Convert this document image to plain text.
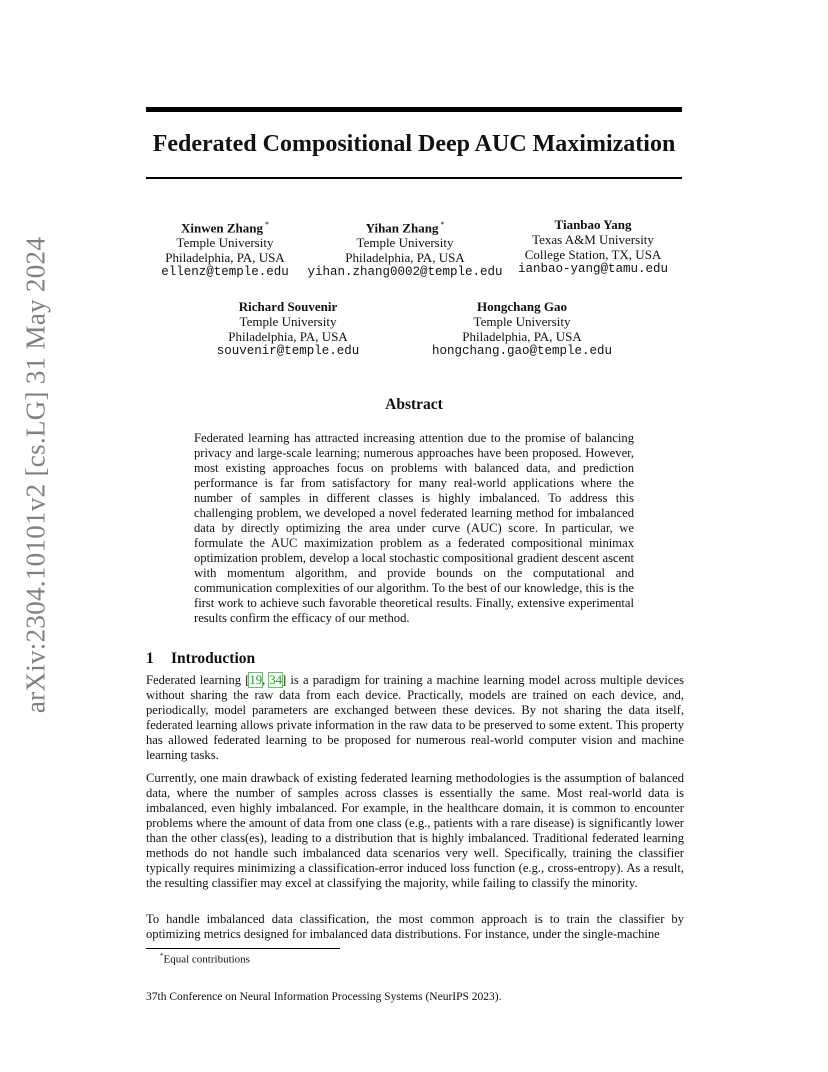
arXiv:2304.10101v2 [cs.LG] 31 May 2024
Federated Compositional Deep AUC Maximization
Xinwen Zhang *
Temple University
Philadelphia, PA, USA
ellenz@temple.edu
Yihan Zhang *
Temple University
Philadelphia, PA, USA
yihan.zhang0002@temple.edu
Tianbao Yang
Texas A&M University
College Station, TX, USA
ianbao-yang@tamu.edu
Richard Souvenir
Temple University
Philadelphia, PA, USA
souvenir@temple.edu
Hongchang Gao
Temple University
Philadelphia, PA, USA
hongchang.gao@temple.edu
Abstract
Federated learning has attracted increasing attention due to the promise of balancing privacy and large-scale learning; numerous approaches have been proposed. However, most existing approaches focus on problems with balanced data, and prediction performance is far from satisfactory for many real-world applications where the number of samples in different classes is highly imbalanced. To address this challenging problem, we developed a novel federated learning method for imbalanced data by directly optimizing the area under curve (AUC) score. In particular, we formulate the AUC maximization problem as a federated compositional minimax optimization problem, develop a local stochastic compositional gradient descent ascent with momentum algorithm, and provide bounds on the computational and communication complexities of our algorithm. To the best of our knowledge, this is the first work to achieve such favorable theoretical results. Finally, extensive experimental results confirm the efficacy of our method.
1 Introduction

Federated learning [19, 34] is a paradigm for training a machine learning model across multiple devices without sharing the raw data from each device. Practically, models are trained on each device, and, periodically, model parameters are exchanged between these devices. By not sharing the data itself, federated learning allows private information in the raw data to be preserved to some extent. This property has allowed federated learning to be proposed for numerous real-world computer vision and machine learning tasks.

Currently, one main drawback of existing federated learning methodologies is the assumption of balanced data, where the number of samples across classes is essentially the same. Most real-world data is imbalanced, even highly imbalanced. For example, in the healthcare domain, it is common to encounter problems where the amount of data from one class (e.g., patients with a rare disease) is significantly lower than the other class(es), leading to a distribution that is highly imbalanced. Traditional federated learning methods do not handle such imbalanced data scenarios very well. Specifically, training the classifier typically requires minimizing a classification-error induced loss function (e.g., cross-entropy). As a result, the resulting classifier may excel at classifying the majority, while failing to classify the minority.

To handle imbalanced data classification, the most common approach is to train the classifier by optimizing metrics designed for imbalanced data distributions. For instance, under the single-machine

*Equal contributions
37th Conference on Neural Information Processing Systems (NeurIPS 2023).
